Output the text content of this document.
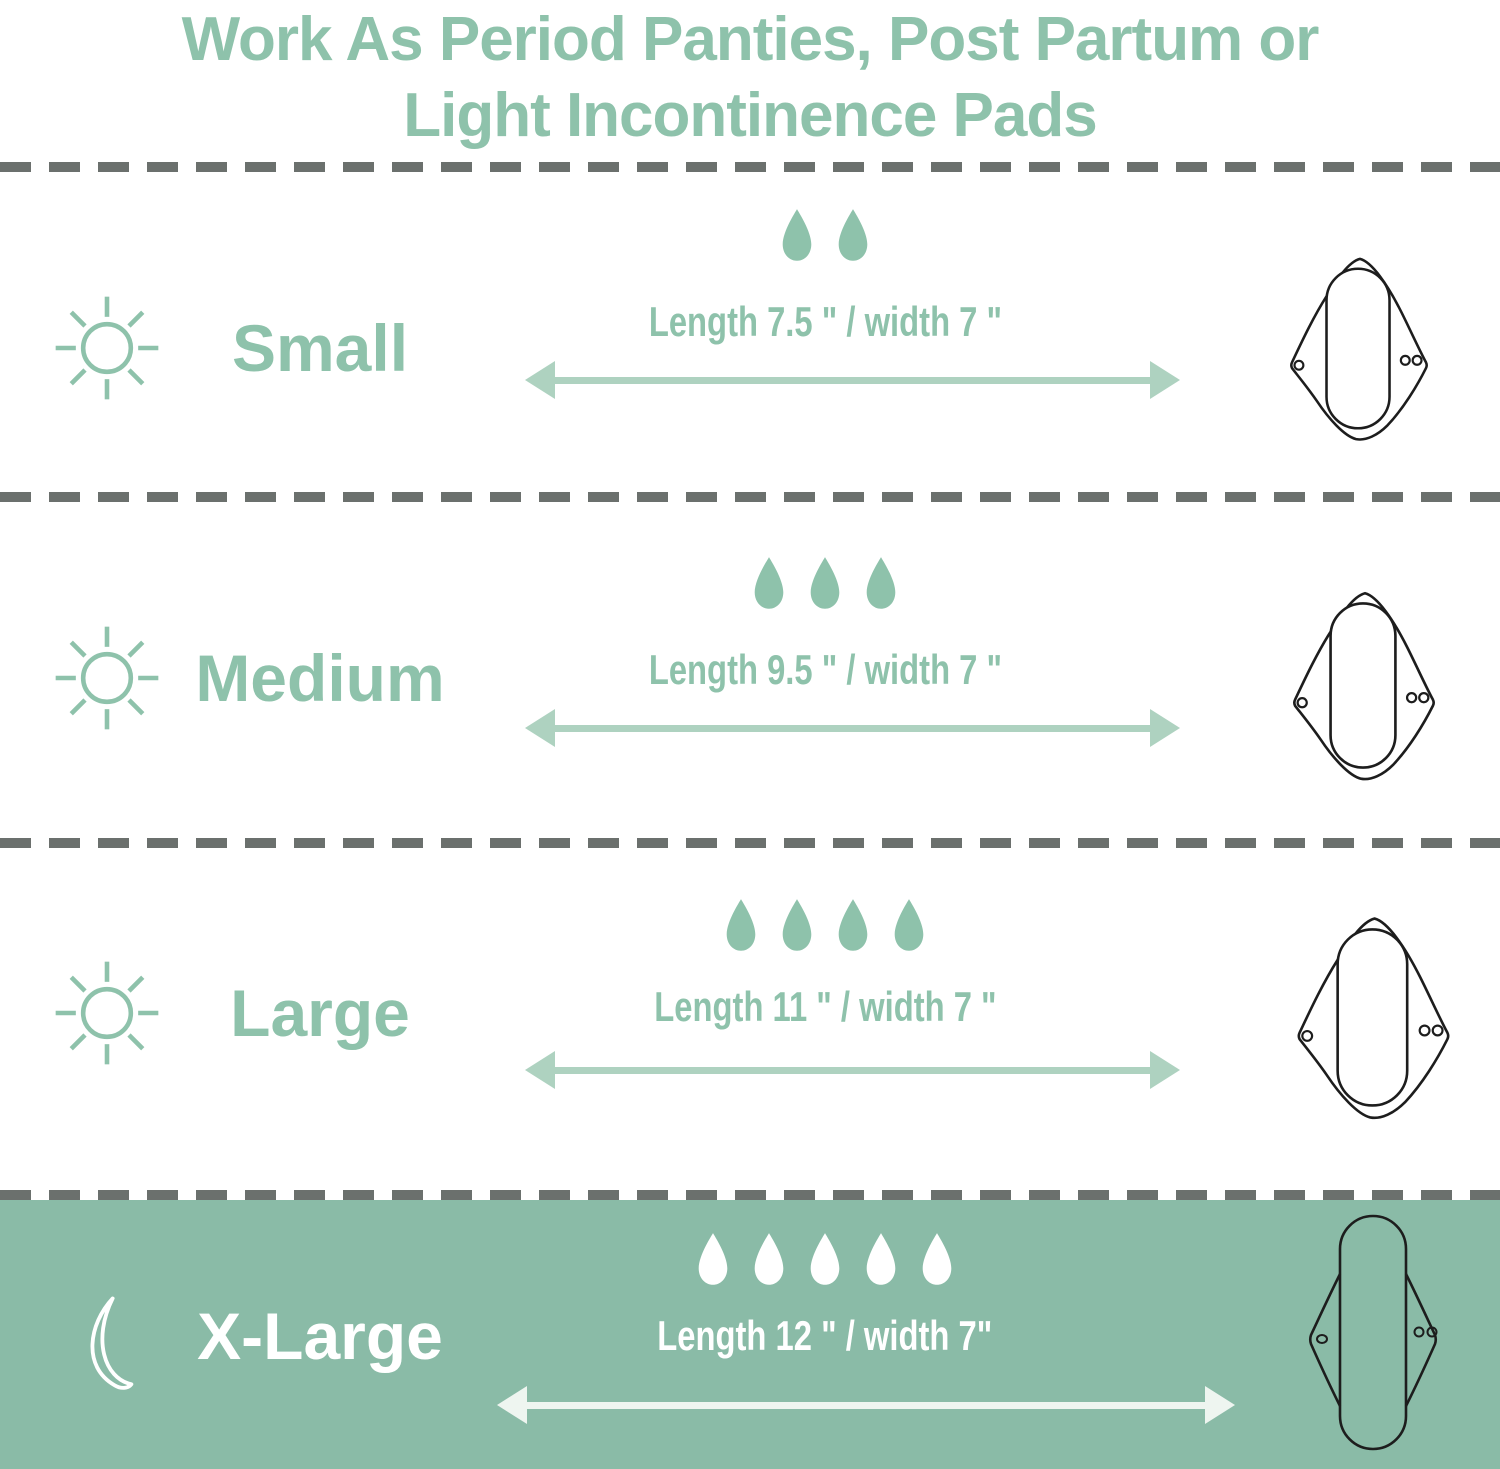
Work As Period Panties, Post Partum or
Light Incontinence Pads
Small	Length 7.5 " / width 7 "
Medium	Length 9.5 " / width 7 "
Large	Length 11 " / width 7 "
X-Large	Length 12 " / width 7"
